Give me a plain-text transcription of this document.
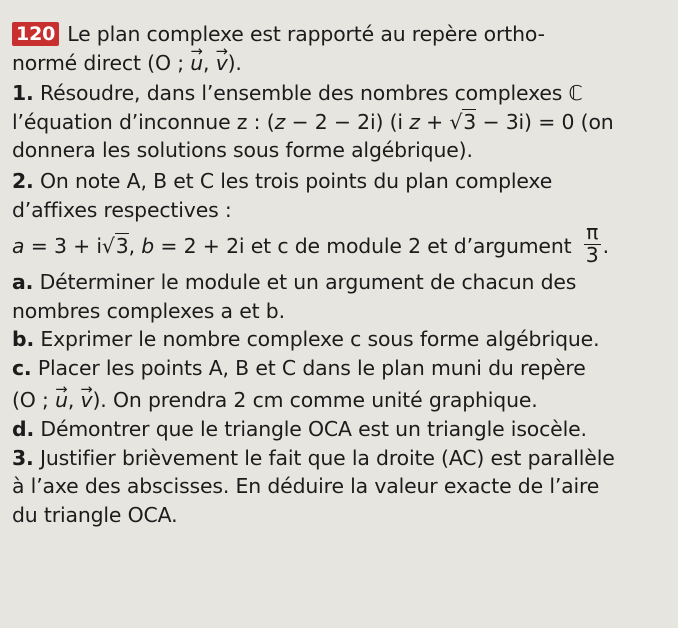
120 Le plan complexe est rapporté au repère ortho-
normé direct (O ; → u, → v).
1. Résoudre, dans l’ensemble des nombres complexes ℂ
l’équation d’inconnue z : (z − 2 − 2i) (i z + √3 − 3i) = 0 (on
donnera les solutions sous forme algébrique).
2. On note A, B et C les trois points du plan complexe
d’affixes respectives :
a = 3 + i√3, b = 2 + 2i et c de module 2 et d’argument $\frac{\pi}{3}$ .
a. Déterminer le module et un argument de chacun des
nombres complexes a et b.
b. Exprimer le nombre complexe c sous forme algébrique.
c. Placer les points A, B et C dans le plan muni du repère
(O ; → u, → v). On prendra 2 cm comme unité graphique.
d. Démontrer que le triangle OCA est un triangle isocèle.
3. Justifier brièvement le fait que la droite (AC) est parallèle
à l’axe des abscisses. En déduire la valeur exacte de l’aire
du triangle OCA.
